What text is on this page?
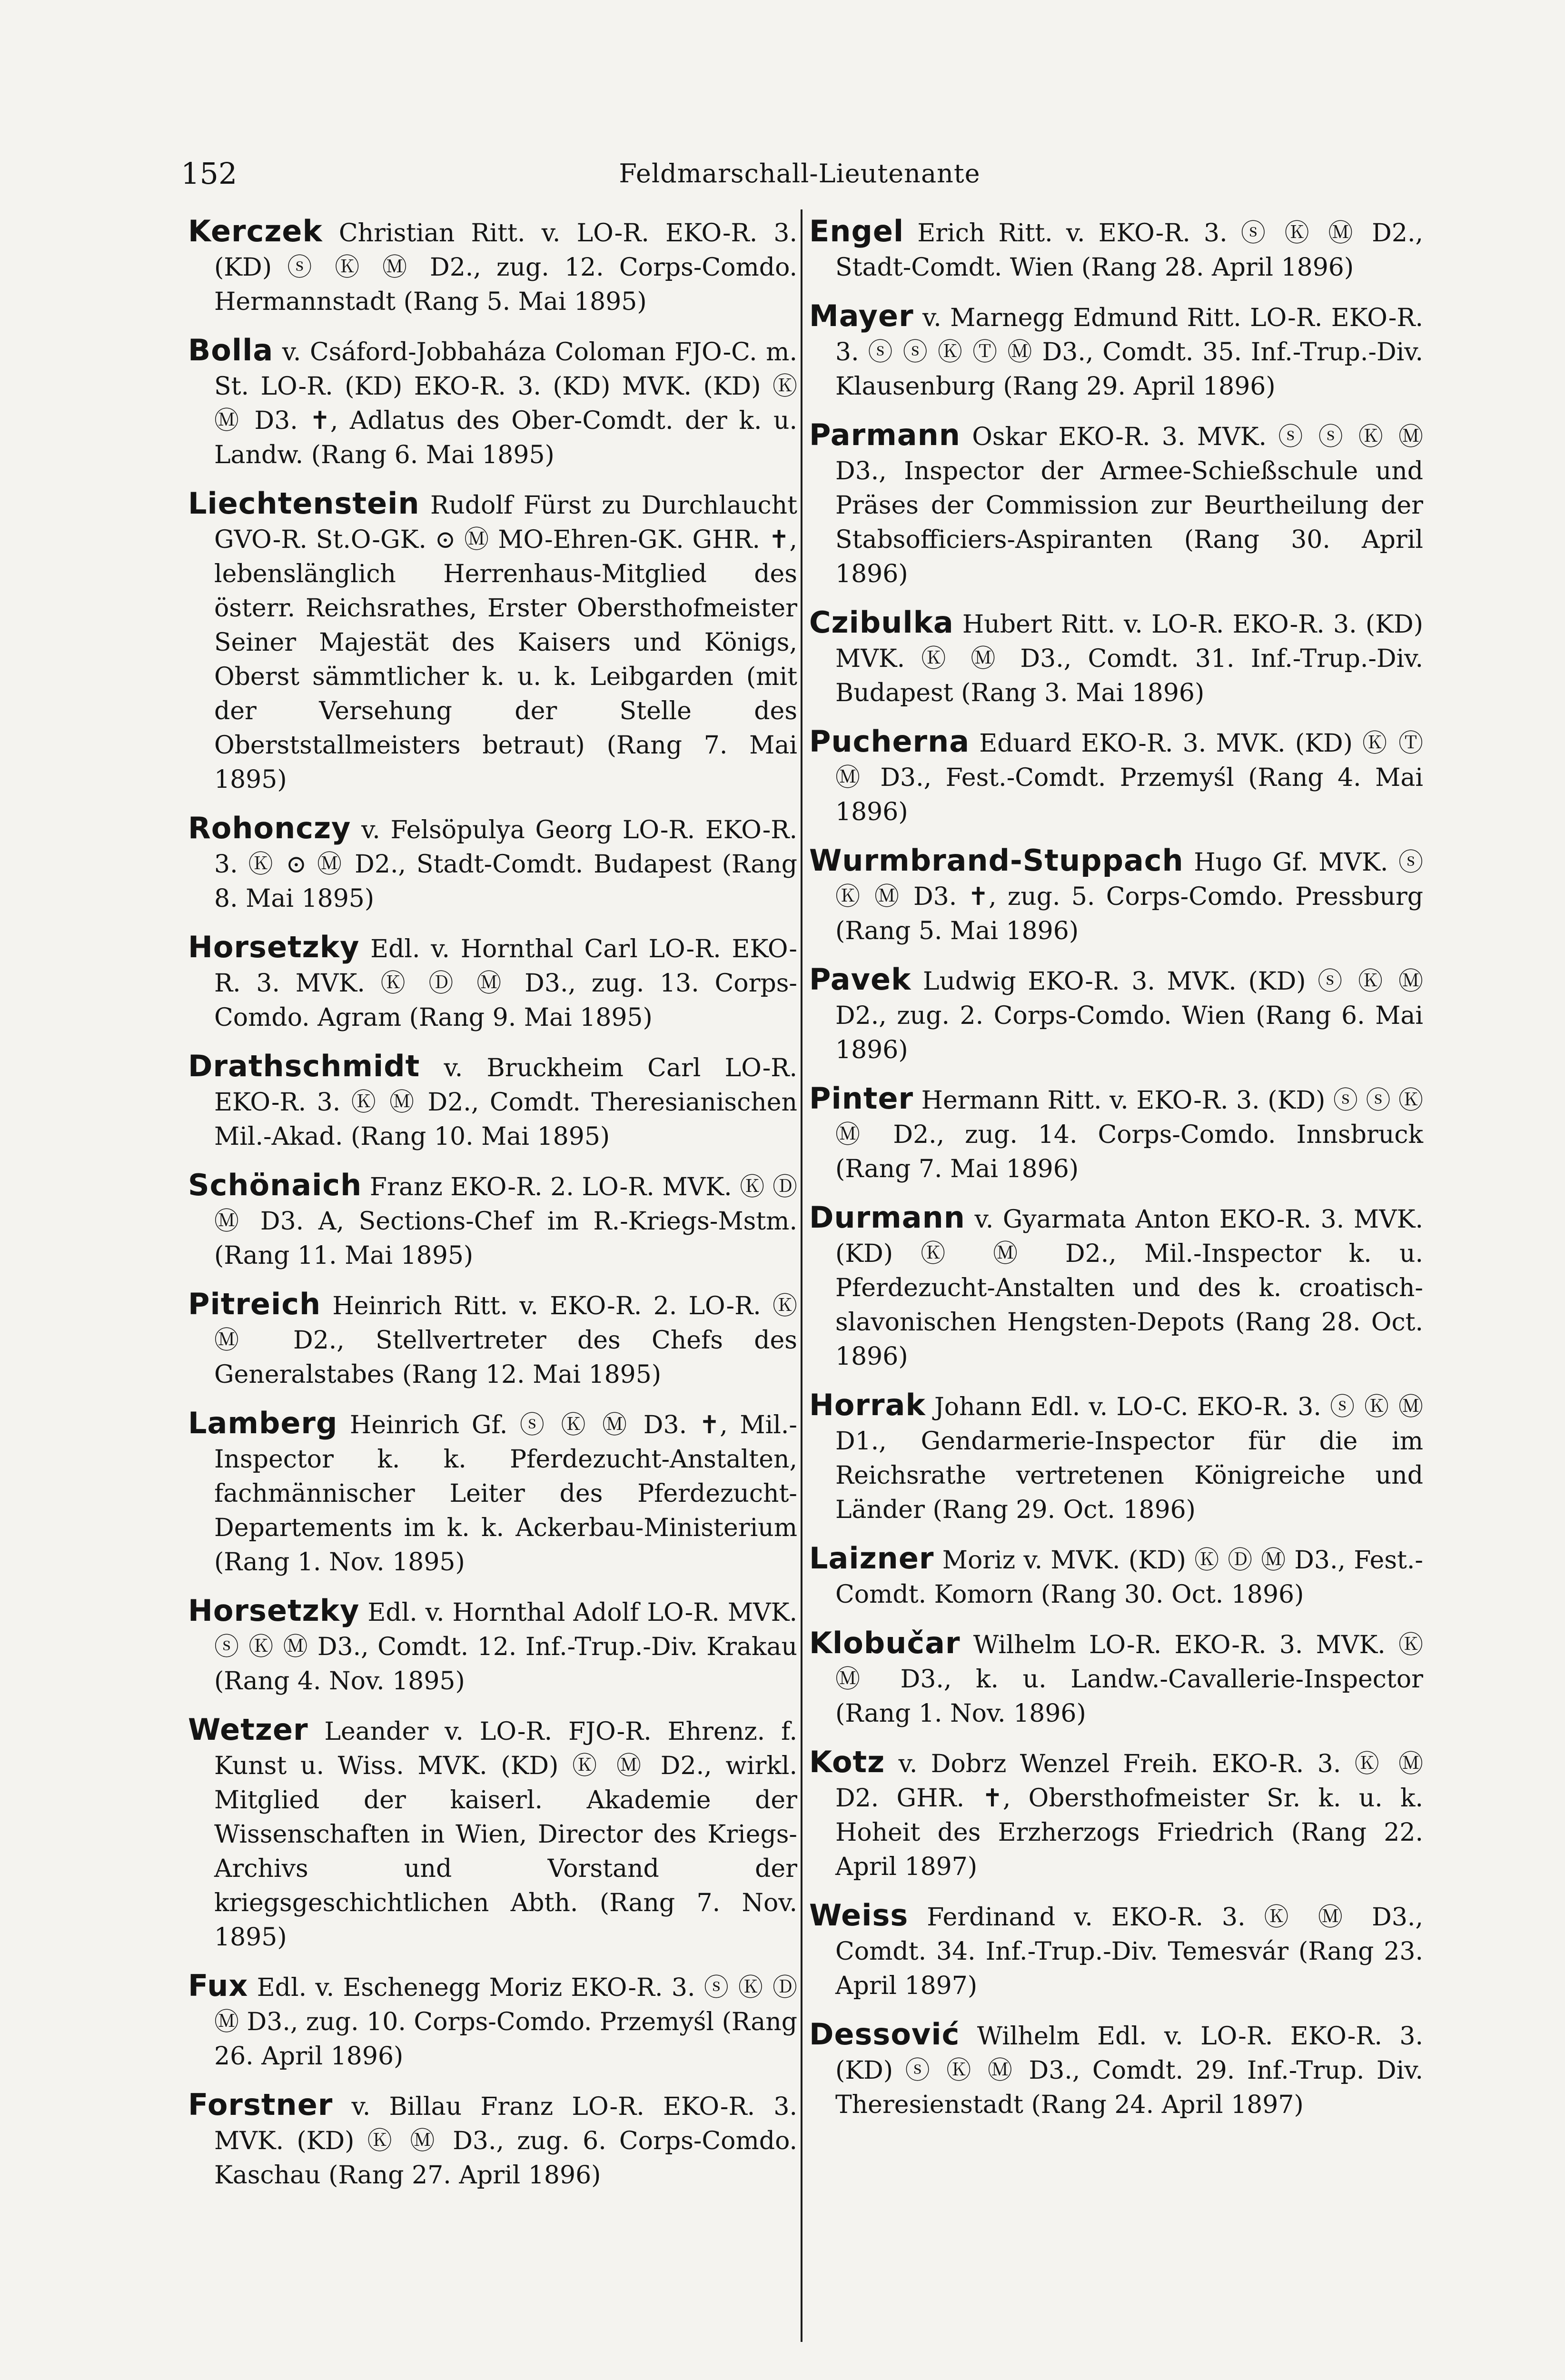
Feldmarschall-Lieutenante
152

Kerczek Christian Ritt. v. LO-R. EKO-R. 3. (KD) ⓢ Ⓚ Ⓜ D2., zug. 12. Corps-Comdo. Hermannstadt (Rang 5. Mai 1895)

Bolla v. Csáford-Jobbaháza Coloman FJO-C. m. St. LO-R. (KD) EKO-R. 3. (KD) MVK. (KD) Ⓚ Ⓜ D3. ✝, Adlatus des Ober-Comdt. der k. u. Landw. (Rang 6. Mai 1895)

Liechtenstein Rudolf Fürst zu Durchlaucht GVO-R. St.O-GK. ⊙ Ⓜ MO-Ehren-GK. GHR. ✝, lebenslänglich Herrenhaus-Mitglied des österr. Reichsrathes, Erster Obersthofmeister Seiner Majestät des Kaisers und Königs, Oberst sämmtlicher k. u. k. Leibgarden (mit der Versehung der Stelle des Oberststallmeisters betraut) (Rang 7. Mai 1895)

Rohonczy v. Felsöpulya Georg LO-R. EKO-R. 3. Ⓚ ⊙ Ⓜ D2., Stadt-Comdt. Budapest (Rang 8. Mai 1895)

Horsetzky Edl. v. Hornthal Carl LO-R. EKO-R. 3. MVK. Ⓚ Ⓓ Ⓜ D3., zug. 13. Corps-Comdo. Agram (Rang 9. Mai 1895)

Drathschmidt v. Bruckheim Carl LO-R. EKO-R. 3. Ⓚ Ⓜ D2., Comdt. Theresianischen Mil.-Akad. (Rang 10. Mai 1895)

Schönaich Franz EKO-R. 2. LO-R. MVK. Ⓚ Ⓓ Ⓜ D3. A, Sections-Chef im R.-Kriegs-Mstm. (Rang 11. Mai 1895)

Pitreich Heinrich Ritt. v. EKO-R. 2. LO-R. Ⓚ Ⓜ D2., Stellvertreter des Chefs des Generalstabes (Rang 12. Mai 1895)

Lamberg Heinrich Gf. ⓢ Ⓚ Ⓜ D3. ✝, Mil.-Inspector k. k. Pferdezucht-Anstalten, fachmännischer Leiter des Pferdezucht-Departements im k. k. Ackerbau-Ministerium (Rang 1. Nov. 1895)

Horsetzky Edl. v. Hornthal Adolf LO-R. MVK. ⓢ Ⓚ Ⓜ D3., Comdt. 12. Inf.-Trup.-Div. Krakau (Rang 4. Nov. 1895)

Wetzer Leander v. LO-R. FJO-R. Ehrenz. f. Kunst u. Wiss. MVK. (KD) Ⓚ Ⓜ D2., wirkl. Mitglied der kaiserl. Akademie der Wissenschaften in Wien, Director des Kriegs-Archivs und Vorstand der kriegsgeschichtlichen Abth. (Rang 7. Nov. 1895)

Fux Edl. v. Eschenegg Moriz EKO-R. 3. ⓢ Ⓚ Ⓓ Ⓜ D3., zug. 10. Corps-Comdo. Przemyśl (Rang 26. April 1896)

Forstner v. Billau Franz LO-R. EKO-R. 3. MVK. (KD) Ⓚ Ⓜ D3., zug. 6. Corps-Comdo. Kaschau (Rang 27. April 1896)

Engel Erich Ritt. v. EKO-R. 3. ⓢ Ⓚ Ⓜ D2., Stadt-Comdt. Wien (Rang 28. April 1896)

Mayer v. Marnegg Edmund Ritt. LO-R. EKO-R. 3. ⓢ ⓢ Ⓚ Ⓣ Ⓜ D3., Comdt. 35. Inf.-Trup.-Div. Klausenburg (Rang 29. April 1896)

Parmann Oskar EKO-R. 3. MVK. ⓢ ⓢ Ⓚ Ⓜ D3., Inspector der Armee-Schießschule und Präses der Commission zur Beurtheilung der Stabsofficiers-Aspiranten (Rang 30. April 1896)

Czibulka Hubert Ritt. v. LO-R. EKO-R. 3. (KD) MVK. Ⓚ Ⓜ D3., Comdt. 31. Inf.-Trup.-Div. Budapest (Rang 3. Mai 1896)

Pucherna Eduard EKO-R. 3. MVK. (KD) Ⓚ Ⓣ Ⓜ D3., Fest.-Comdt. Przemyśl (Rang 4. Mai 1896)

Wurmbrand-Stuppach Hugo Gf. MVK. ⓢ Ⓚ Ⓜ D3. ✝, zug. 5. Corps-Comdo. Pressburg (Rang 5. Mai 1896)

Pavek Ludwig EKO-R. 3. MVK. (KD) ⓢ Ⓚ Ⓜ D2., zug. 2. Corps-Comdo. Wien (Rang 6. Mai 1896)

Pinter Hermann Ritt. v. EKO-R. 3. (KD) ⓢ ⓢ Ⓚ Ⓜ D2., zug. 14. Corps-Comdo. Innsbruck (Rang 7. Mai 1896)

Durmann v. Gyarmata Anton EKO-R. 3. MVK. (KD) Ⓚ Ⓜ D2., Mil.-Inspector k. u. Pferdezucht-Anstalten und des k. croatisch-slavonischen Hengsten-Depots (Rang 28. Oct. 1896)

Horrak Johann Edl. v. LO-C. EKO-R. 3. ⓢ Ⓚ Ⓜ D1., Gendarmerie-Inspector für die im Reichsrathe vertretenen Königreiche und Länder (Rang 29. Oct. 1896)

Laizner Moriz v. MVK. (KD) Ⓚ Ⓓ Ⓜ D3., Fest.-Comdt. Komorn (Rang 30. Oct. 1896)

Klobučar Wilhelm LO-R. EKO-R. 3. MVK. Ⓚ Ⓜ D3., k. u. Landw.-Cavallerie-Inspector (Rang 1. Nov. 1896)

Kotz v. Dobrz Wenzel Freih. EKO-R. 3. Ⓚ Ⓜ D2. GHR. ✝, Obersthofmeister Sr. k. u. k. Hoheit des Erzherzogs Friedrich (Rang 22. April 1897)

Weiss Ferdinand v. EKO-R. 3. Ⓚ Ⓜ D3., Comdt. 34. Inf.-Trup.-Div. Temesvár (Rang 23. April 1897)

Dessović Wilhelm Edl. v. LO-R. EKO-R. 3. (KD) ⓢ Ⓚ Ⓜ D3., Comdt. 29. Inf.-Trup. Div. Theresienstadt (Rang 24. April 1897)
